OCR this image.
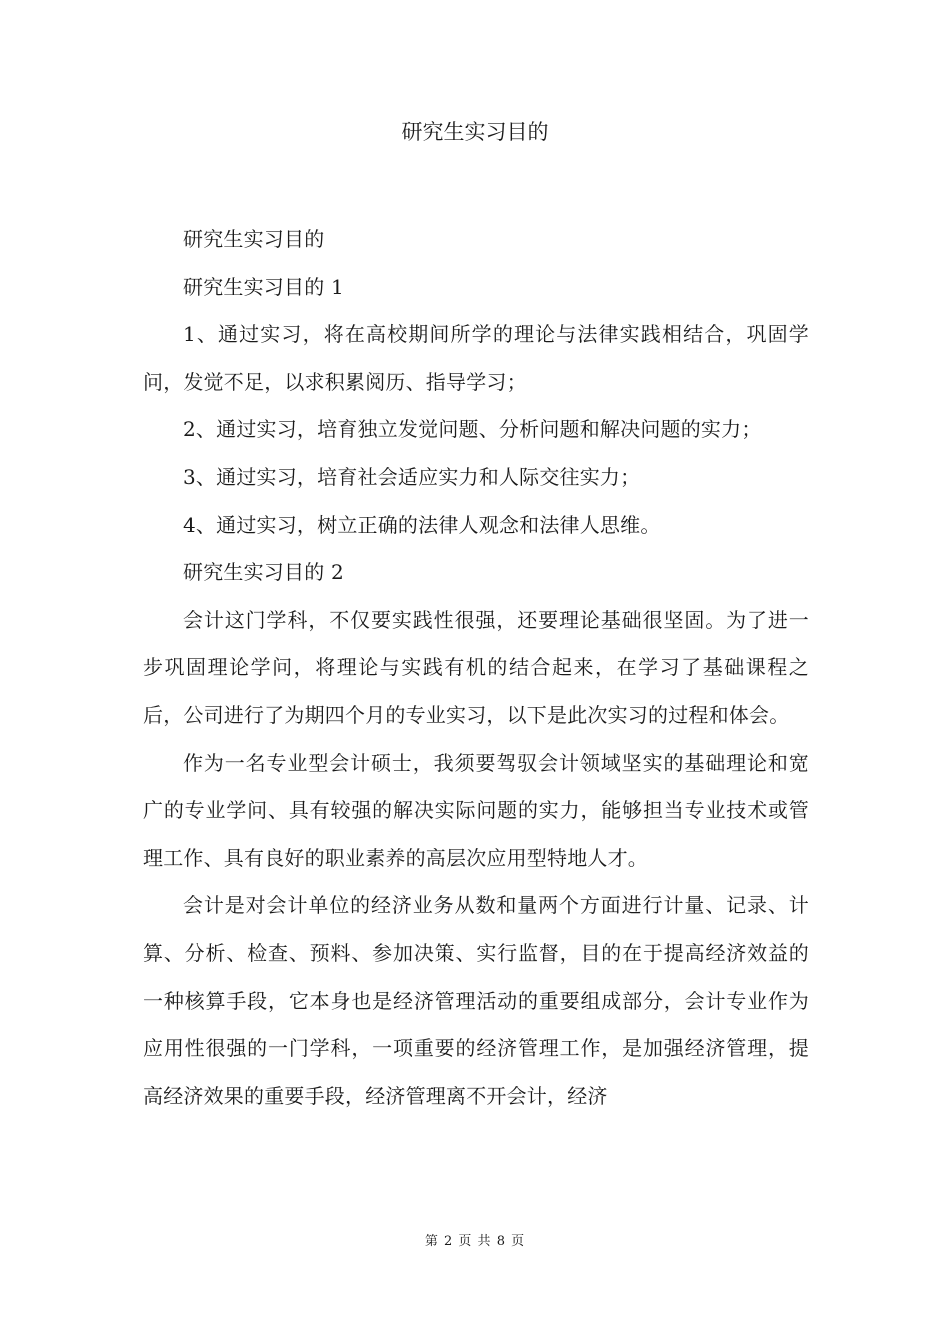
研究生实习目的

研究生实习目的

研究生实习目的 1

1、通过实习，将在高校期间所学的理论与法律实践相结合，巩固学问，发觉不足，以求积累阅历、指导学习；

2、通过实习，培育独立发觉问题、分析问题和解决问题的实力；

3、通过实习，培育社会适应实力和人际交往实力；

4、通过实习，树立正确的法律人观念和法律人思维。

研究生实习目的 2

会计这门学科，不仅要实践性很强，还要理论基础很坚固。为了进一步巩固理论学问，将理论与实践有机的结合起来，在学习了基础课程之后，公司进行了为期四个月的专业实习，以下是此次实习的过程和体会。

作为一名专业型会计硕士，我须要驾驭会计领域坚实的基础理论和宽广的专业学问、具有较强的解决实际问题的实力，能够担当专业技术或管理工作、具有良好的职业素养的高层次应用型特地人才。

会计是对会计单位的经济业务从数和量两个方面进行计量、记录、计算、分析、检查、预料、参加决策、实行监督，目的在于提高经济效益的一种核算手段，它本身也是经济管理活动的重要组成部分，会计专业作为应用性很强的一门学科，一项重要的经济管理工作，是加强经济管理，提高经济效果的重要手段，经济管理离不开会计，经济

第 2 页 共 8 页
